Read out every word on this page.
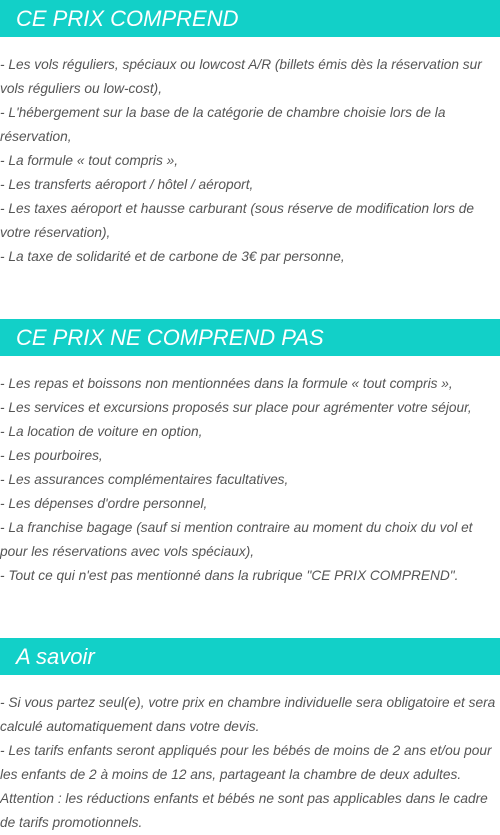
CE PRIX COMPREND

- Les vols réguliers, spéciaux ou lowcost A/R (billets émis dès la réservation sur vols réguliers ou low-cost),

- L'hébergement sur la base de la catégorie de chambre choisie lors de la réservation,

- La formule « tout compris »,

- Les transferts aéroport / hôtel / aéroport,

- Les taxes aéroport et hausse carburant (sous réserve de modification lors de votre réservation),

- La taxe de solidarité et de carbone de 3€ par personne,

CE PRIX NE COMPREND PAS

- Les repas et boissons non mentionnées dans la formule « tout compris »,

- Les services et excursions proposés sur place pour agrémenter votre séjour,

- La location de voiture en option,

- Les pourboires,

- Les assurances complémentaires facultatives,

- Les dépenses d'ordre personnel,

- La franchise bagage (sauf si mention contraire au moment du choix du vol et pour les réservations avec vols spéciaux),

- Tout ce qui n'est pas mentionné dans la rubrique "CE PRIX COMPREND".

A savoir

- Si vous partez seul(e), votre prix en chambre individuelle sera obligatoire et sera calculé automatiquement dans votre devis.

- Les tarifs enfants seront appliqués pour les bébés de moins de 2 ans et/ou pour les enfants de 2 à moins de 12 ans, partageant la chambre de deux adultes.

Attention : les réductions enfants et bébés ne sont pas applicables dans le cadre de tarifs promotionnels.
